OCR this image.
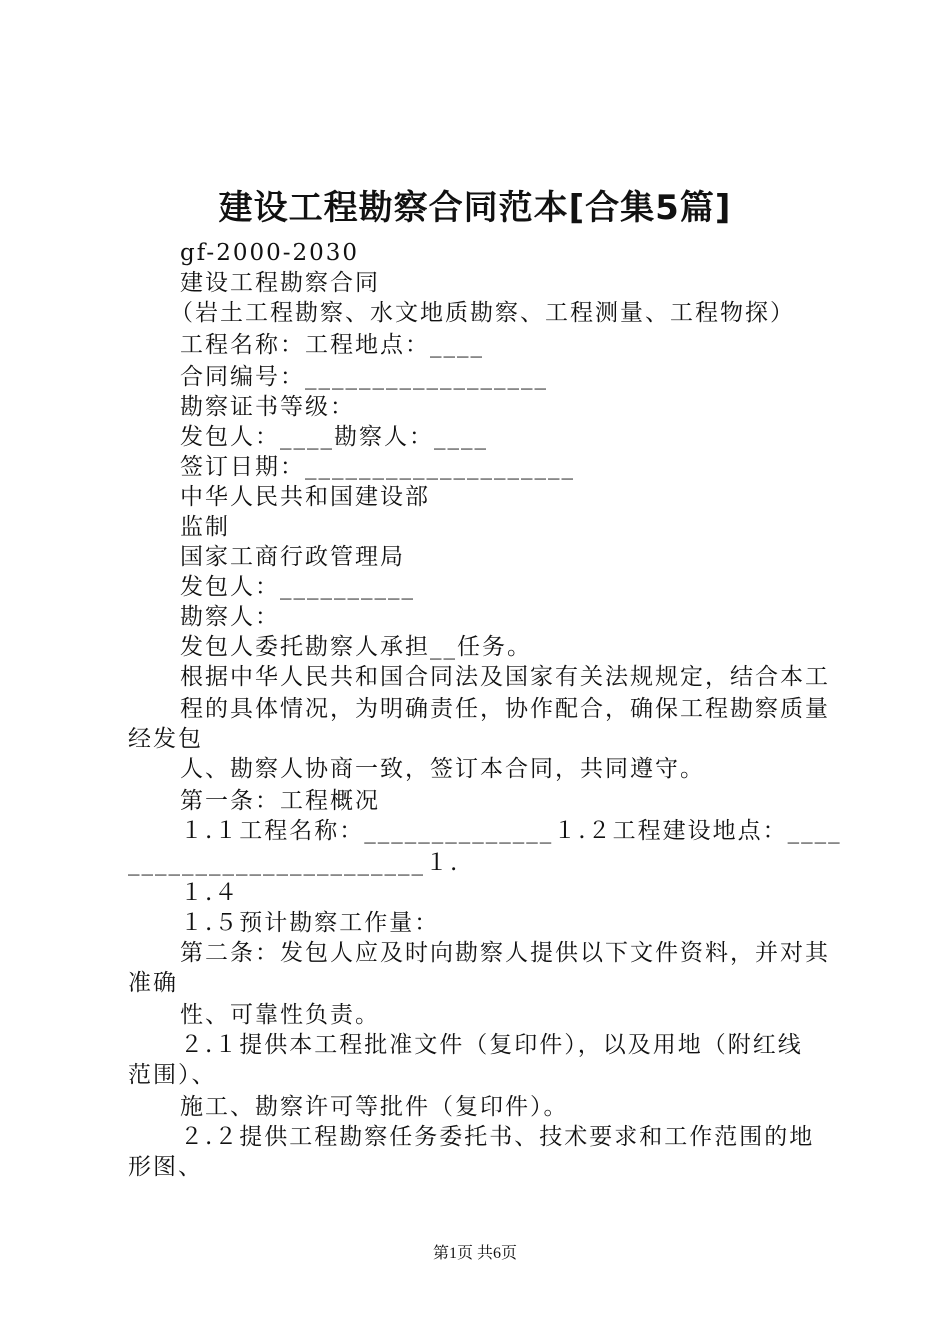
建设工程勘察合同范本[合集5篇]
gf-2000-2030
建设工程勘察合同
（岩土工程勘察、水文地质勘察、工程测量、工程物探）
工程名称：工程地点：____
合同编号：__________________
勘察证书等级：
发包人：____勘察人：____
签订日期：____________________
中华人民共和国建设部
监制
国家工商行政管理局
发包人：__________
勘察人：
发包人委托勘察人承担__任务。
根据中华人民共和国合同法及国家有关法规规定，结合本工
程的具体情况，为明确责任，协作配合，确保工程勘察质量
经发包
人、勘察人协商一致，签订本合同，共同遵守。
第一条：工程概况
１.１工程名称：______________１.２工程建设地点：____
______________________１.
１.４
１.５预计勘察工作量：
第二条：发包人应及时向勘察人提供以下文件资料，并对其
准确
性、可靠性负责。
２.１提供本工程批准文件（复印件），以及用地（附红线
范围）、
施工、勘察许可等批件（复印件）。
２.２提供工程勘察任务委托书、技术要求和工作范围的地
形图、
第1页 共6页
